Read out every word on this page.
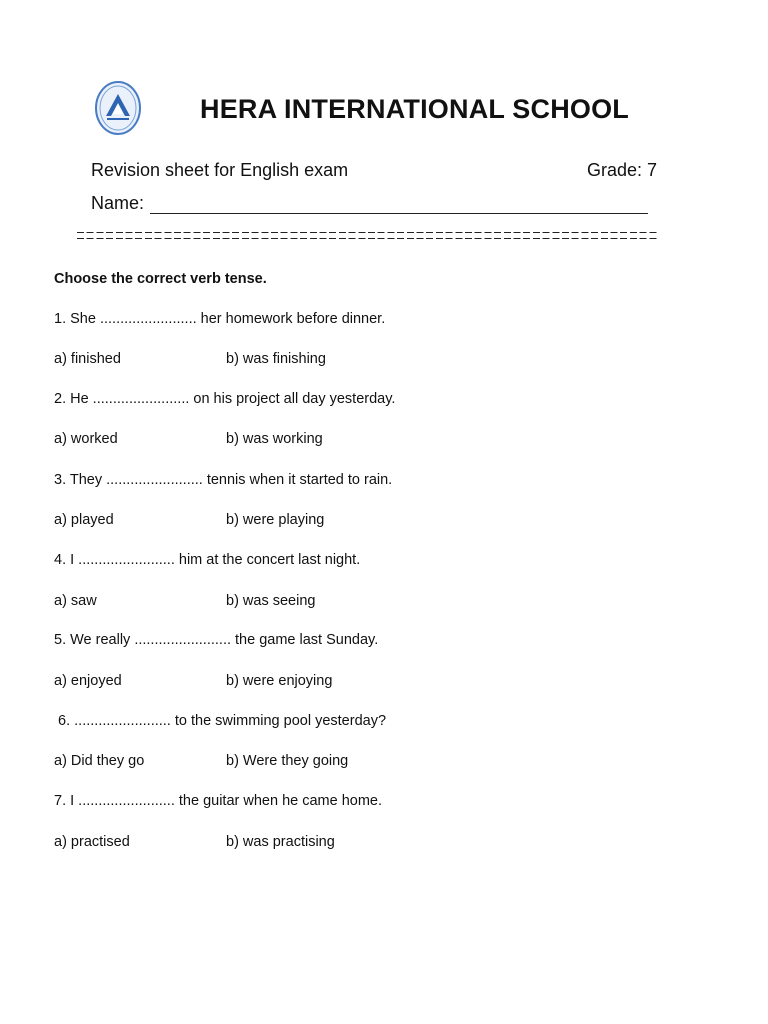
HERA INTERNATIONAL SCHOOL
Revision sheet for English exam	Grade: 7
Name:
Choose the correct verb tense.
1. She ........................ her homework before dinner.
a) finished	b) was finishing
2. He ........................ on his project all day yesterday.
a) worked	b) was working
3. They ........................ tennis when it started to rain.
a) played	b) were playing
4. I ........................ him at the concert last night.
a) saw	b) was seeing
5. We really ........................ the game last Sunday.
a) enjoyed	b) were enjoying
6. ........................ to the swimming pool yesterday?
a) Did they go	b) Were they going
7. I ........................ the guitar when he came home.
a) practised	b) was practising
